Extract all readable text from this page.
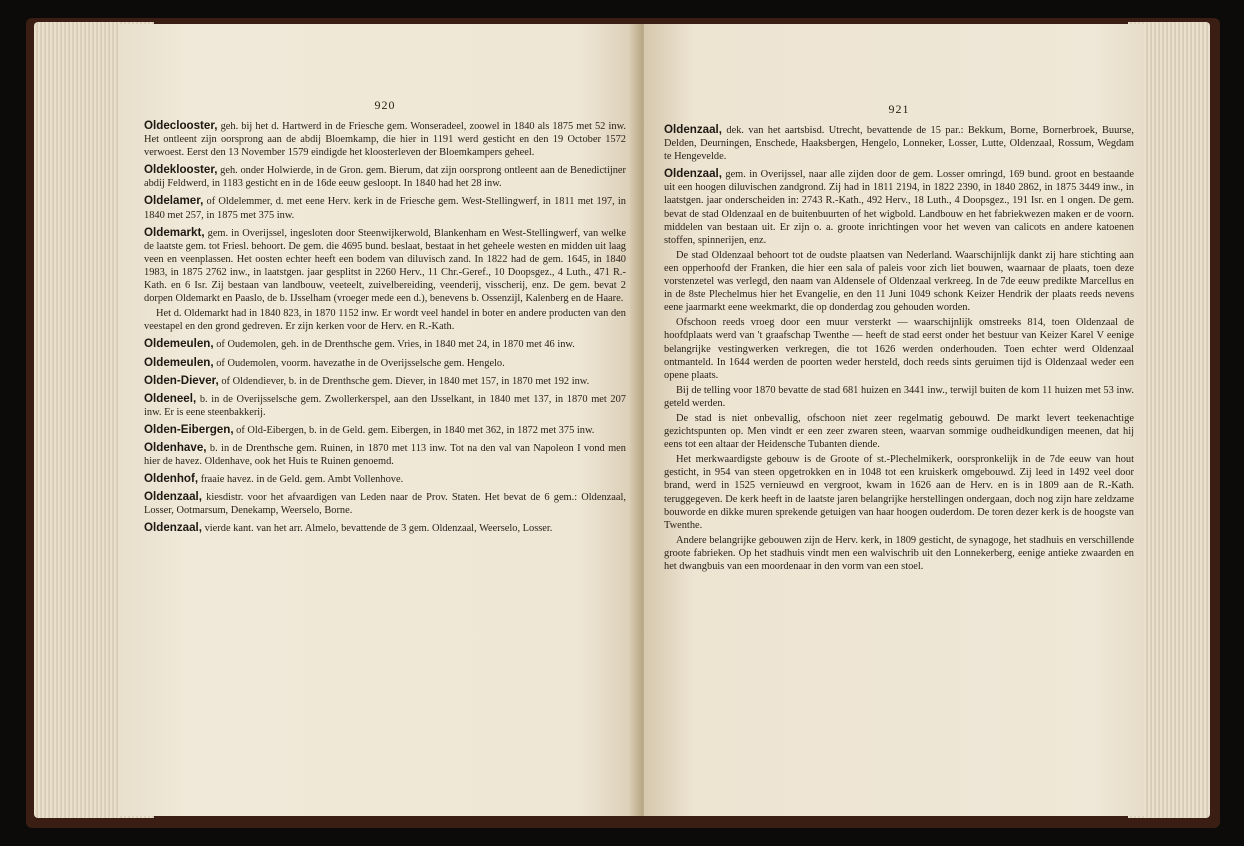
920

Oldeclooster, geh. bij het d. Hartwerd in de Friesche gem. Wonseradeel, zoowel in 1840 als 1875 met 52 inw. Het ontleent zijn oorsprong aan de abdij Bloemkamp, die hier in 1191 werd gesticht en den 19 October 1572 verwoest. Eerst den 13 November 1579 eindigde het kloosterleven der Bloemkampers geheel.

Oldeklooster, geh. onder Holwierde, in de Gron. gem. Bierum, dat zijn oorsprong ontleent aan de Benedictijner abdij Feldwerd, in 1183 gesticht en in de 16de eeuw gesloopt. In 1840 had het 28 inw.

Oldelamer, of Oldelemmer, d. met eene Herv. kerk in de Friesche gem. West-Stellingwerf, in 1811 met 197, in 1840 met 257, in 1875 met 375 inw.

Oldemarkt, gem. in Overijssel, ingesloten door Steenwijkerwold, Blankenham en West-Stellingwerf, van welke de laatste gem. tot Friesl. behoort. De gem. die 4695 bund. beslaat, bestaat in het geheele westen en midden uit laag veen en veenplassen. Het oosten echter heeft een bodem van diluvisch zand. In 1822 had de gem. 1645, in 1840 1983, in 1875 2762 inw., in laatstgen. jaar gesplitst in 2260 Herv., 11 Chr.-Geref., 10 Doopsgez., 4 Luth., 471 R.-Kath. en 6 Isr. Zij bestaan van landbouw, veeteelt, zuivelbereiding, veenderij, visscherij, enz. De gem. bevat 2 dorpen Oldemarkt en Paaslo, de b. IJsselham (vroeger mede een d.), benevens b. Ossenzijl, Kalenberg en de Haare.

Het d. Oldemarkt had in 1840 823, in 1870 1152 inw. Er wordt veel handel in boter en andere producten van den veestapel en den grond gedreven. Er zijn kerken voor de Herv. en R.-Kath.

Oldemeulen, of Oudemolen, geh. in de Drenthsche gem. Vries, in 1840 met 24, in 1870 met 46 inw.

Oldemeulen, of Oudemolen, voorm. havezathe in de Overijsselsche gem. Hengelo.

Olden-Diever, of Oldendiever, b. in de Drenthsche gem. Diever, in 1840 met 157, in 1870 met 192 inw.

Oldeneel, b. in de Overijsselsche gem. Zwollerkerspel, aan den IJsselkant, in 1840 met 137, in 1870 met 207 inw. Er is eene steenbakkerij.

Olden-Eibergen, of Old-Eibergen, b. in de Geld. gem. Eibergen, in 1840 met 362, in 1872 met 375 inw.

Oldenhave, b. in de Drenthsche gem. Ruinen, in 1870 met 113 inw. Tot na den val van Napoleon I vond men hier de havez. Oldenhave, ook het Huis te Ruinen genoemd.

Oldenhof, fraaie havez. in de Geld. gem. Ambt Vollenhove.

Oldenzaal, kiesdistr. voor het afvaardigen van Leden naar de Prov. Staten. Het bevat de 6 gem.: Oldenzaal, Losser, Ootmarsum, Denekamp, Weerselo, Borne.

Oldenzaal, vierde kant. van het arr. Almelo, bevattende de 3 gem. Oldenzaal, Weerselo, Losser.

921

Oldenzaal, dek. van het aartsbisd. Utrecht, bevattende de 15 par.: Bekkum, Borne, Bornerbroek, Buurse, Delden, Deurningen, Enschede, Haaksbergen, Hengelo, Lonneker, Losser, Lutte, Oldenzaal, Rossum, Wegdam te Hengevelde.

Oldenzaal, gem. in Overijssel, naar alle zijden door de gem. Losser omringd, 169 bund. groot en bestaande uit een hoogen diluvischen zandgrond. Zij had in 1811 2194, in 1822 2390, in 1840 2862, in 1875 3449 inw., in laatstgen. jaar onderscheiden in: 2743 R.-Kath., 492 Herv., 18 Luth., 4 Doopsgez., 191 Isr. en 1 ongen. De gem. bevat de stad Oldenzaal en de buitenbuurten of het wigbold. Landbouw en het fabriekwezen maken er de voorn. middelen van bestaan uit. Er zijn o. a. groote inrichtingen voor het weven van calicots en andere katoenen stoffen, spinnerijen, enz.

De stad Oldenzaal behoort tot de oudste plaatsen van Nederland. Waarschijnlijk dankt zij hare stichting aan een opperhoofd der Franken, die hier een sala of paleis voor zich liet bouwen, waarnaar de plaats, toen deze vorstenzetel was verlegd, den naam van Aldensele of Oldenzaal verkreeg. In de 7de eeuw predikte Marcellus en in de 8ste Plechelmus hier het Evangelie, en den 11 Juni 1049 schonk Keizer Hendrik der plaats reeds nevens eene jaarmarkt eene weekmarkt, die op donderdag zou gehouden worden.

Ofschoon reeds vroeg door een muur versterkt — waarschijnlijk omstreeks 814, toen Oldenzaal de hoofdplaats werd van 't graafschap Twenthe — heeft de stad eerst onder het bestuur van Keizer Karel V eenige belangrijke vestingwerken verkregen, die tot 1626 werden onderhouden. Toen echter werd Oldenzaal ontmanteld. In 1644 werden de poorten weder hersteld, doch reeds sints geruimen tijd is Oldenzaal weder een opene plaats.

Bij de telling voor 1870 bevatte de stad 681 huizen en 3441 inw., terwijl buiten de kom 11 huizen met 53 inw. geteld werden.

De stad is niet onbevallig, ofschoon niet zeer regelmatig gebouwd. De markt levert teekenachtige gezichtspunten op. Men vindt er een zeer zwaren steen, waarvan sommige oudheidkundigen meenen, dat hij eens tot een altaar der Heidensche Tubanten diende.

Het merkwaardigste gebouw is de Groote of st.-Plechelmikerk, oorspronkelijk in de 7de eeuw van hout gesticht, in 954 van steen opgetrokken en in 1048 tot een kruiskerk omgebouwd. Zij leed in 1492 veel door brand, werd in 1525 vernieuwd en vergroot, kwam in 1626 aan de Herv. en is in 1809 aan de R.-Kath. teruggegeven. De kerk heeft in de laatste jaren belangrijke herstellingen ondergaan, doch nog zijn hare zeldzame bouworde en dikke muren sprekende getuigen van haar hoogen ouderdom. De toren dezer kerk is de hoogste van Twenthe.

Andere belangrijke gebouwen zijn de Herv. kerk, in 1809 gesticht, de synagoge, het stadhuis en verschillende groote fabrieken. Op het stadhuis vindt men een walvischrib uit den Lonnekerberg, eenige antieke zwaarden en het dwangbuis van een moordenaar in den vorm van een stoel.
